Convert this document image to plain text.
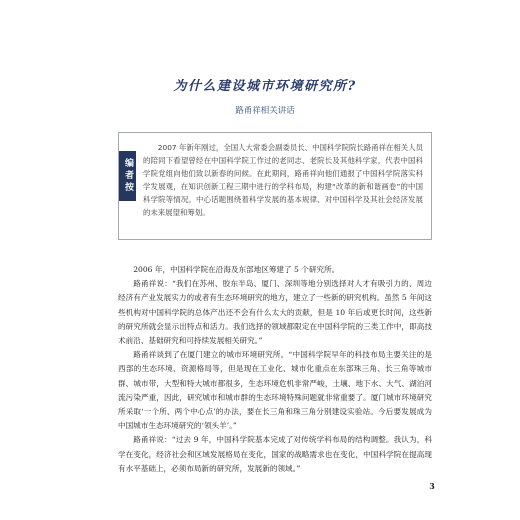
为什么建设城市环境研究所?
路甬祥相关讲话
编者按

2007 年新年刚过，全国人大常委会副委员长、中国科学院院长路甬祥在相关人员的陪同下看望曾经在中国科学院工作过的老同志、老院长及其他科学家，代表中国科学院党组向他们致以新春的问候。在此期间，路甬祥向他们通报了中国科学院落实科学发展观，在知识创新工程三期中进行的学科布局，构建“改革的新和谐画卷”的中国科学院等情况。中心话题围绕着科学发展的基本规律、对中国科学及其社会经济发展的未来展望和筹划。

2006 年，中国科学院在沿海及东部地区筹建了 5 个研究所。

路甬祥说：“我们在苏州、胶东半岛、厦门、深圳等地分别选择对人才有吸引力的、周边经济有产业发展实力的或者有生态环境研究的地方，建立了一些新的研究机构。虽然 5 年间这些机构对中国科学院的总体产出还不会有什么太大的贡献，但是 10 年后或更长时间，这些新的研究所就会显示出特点和活力。我们选择的领域都限定在中国科学院的三类工作中，即高技术前沿、基础研究和可持续发展相关研究。”

路甬祥谈到了在厦门建立的城市环境研究所。“中国科学院早年的科技布局主要关注的是西部的生态环境、资源格局等，但是现在工业化、城市化重点在东部珠三角、长三角等城市群、城市带，大型和特大城市都很多，生态环境危机非常严峻，土壤、地下水、大气、湖泊河流污染严重，因此，研究城市和城市群的生态环境特殊问题就非常重要了。厦门城市环境研究所采取‘一个所、两个中心点’的办法，要在长三角和珠三角分别建设实验站。今后要发展成为中国城市生态环境研究的‘领头羊’。”

路甬祥说：“过去 9 年，中国科学院基本完成了对传统学科布局的结构调整。我认为，科学在变化，经济社会和区域发展格局在变化，国家的战略需求也在变化，中国科学院在提高现有水平基础上，必须布局新的研究所，发展新的领域。”

3
